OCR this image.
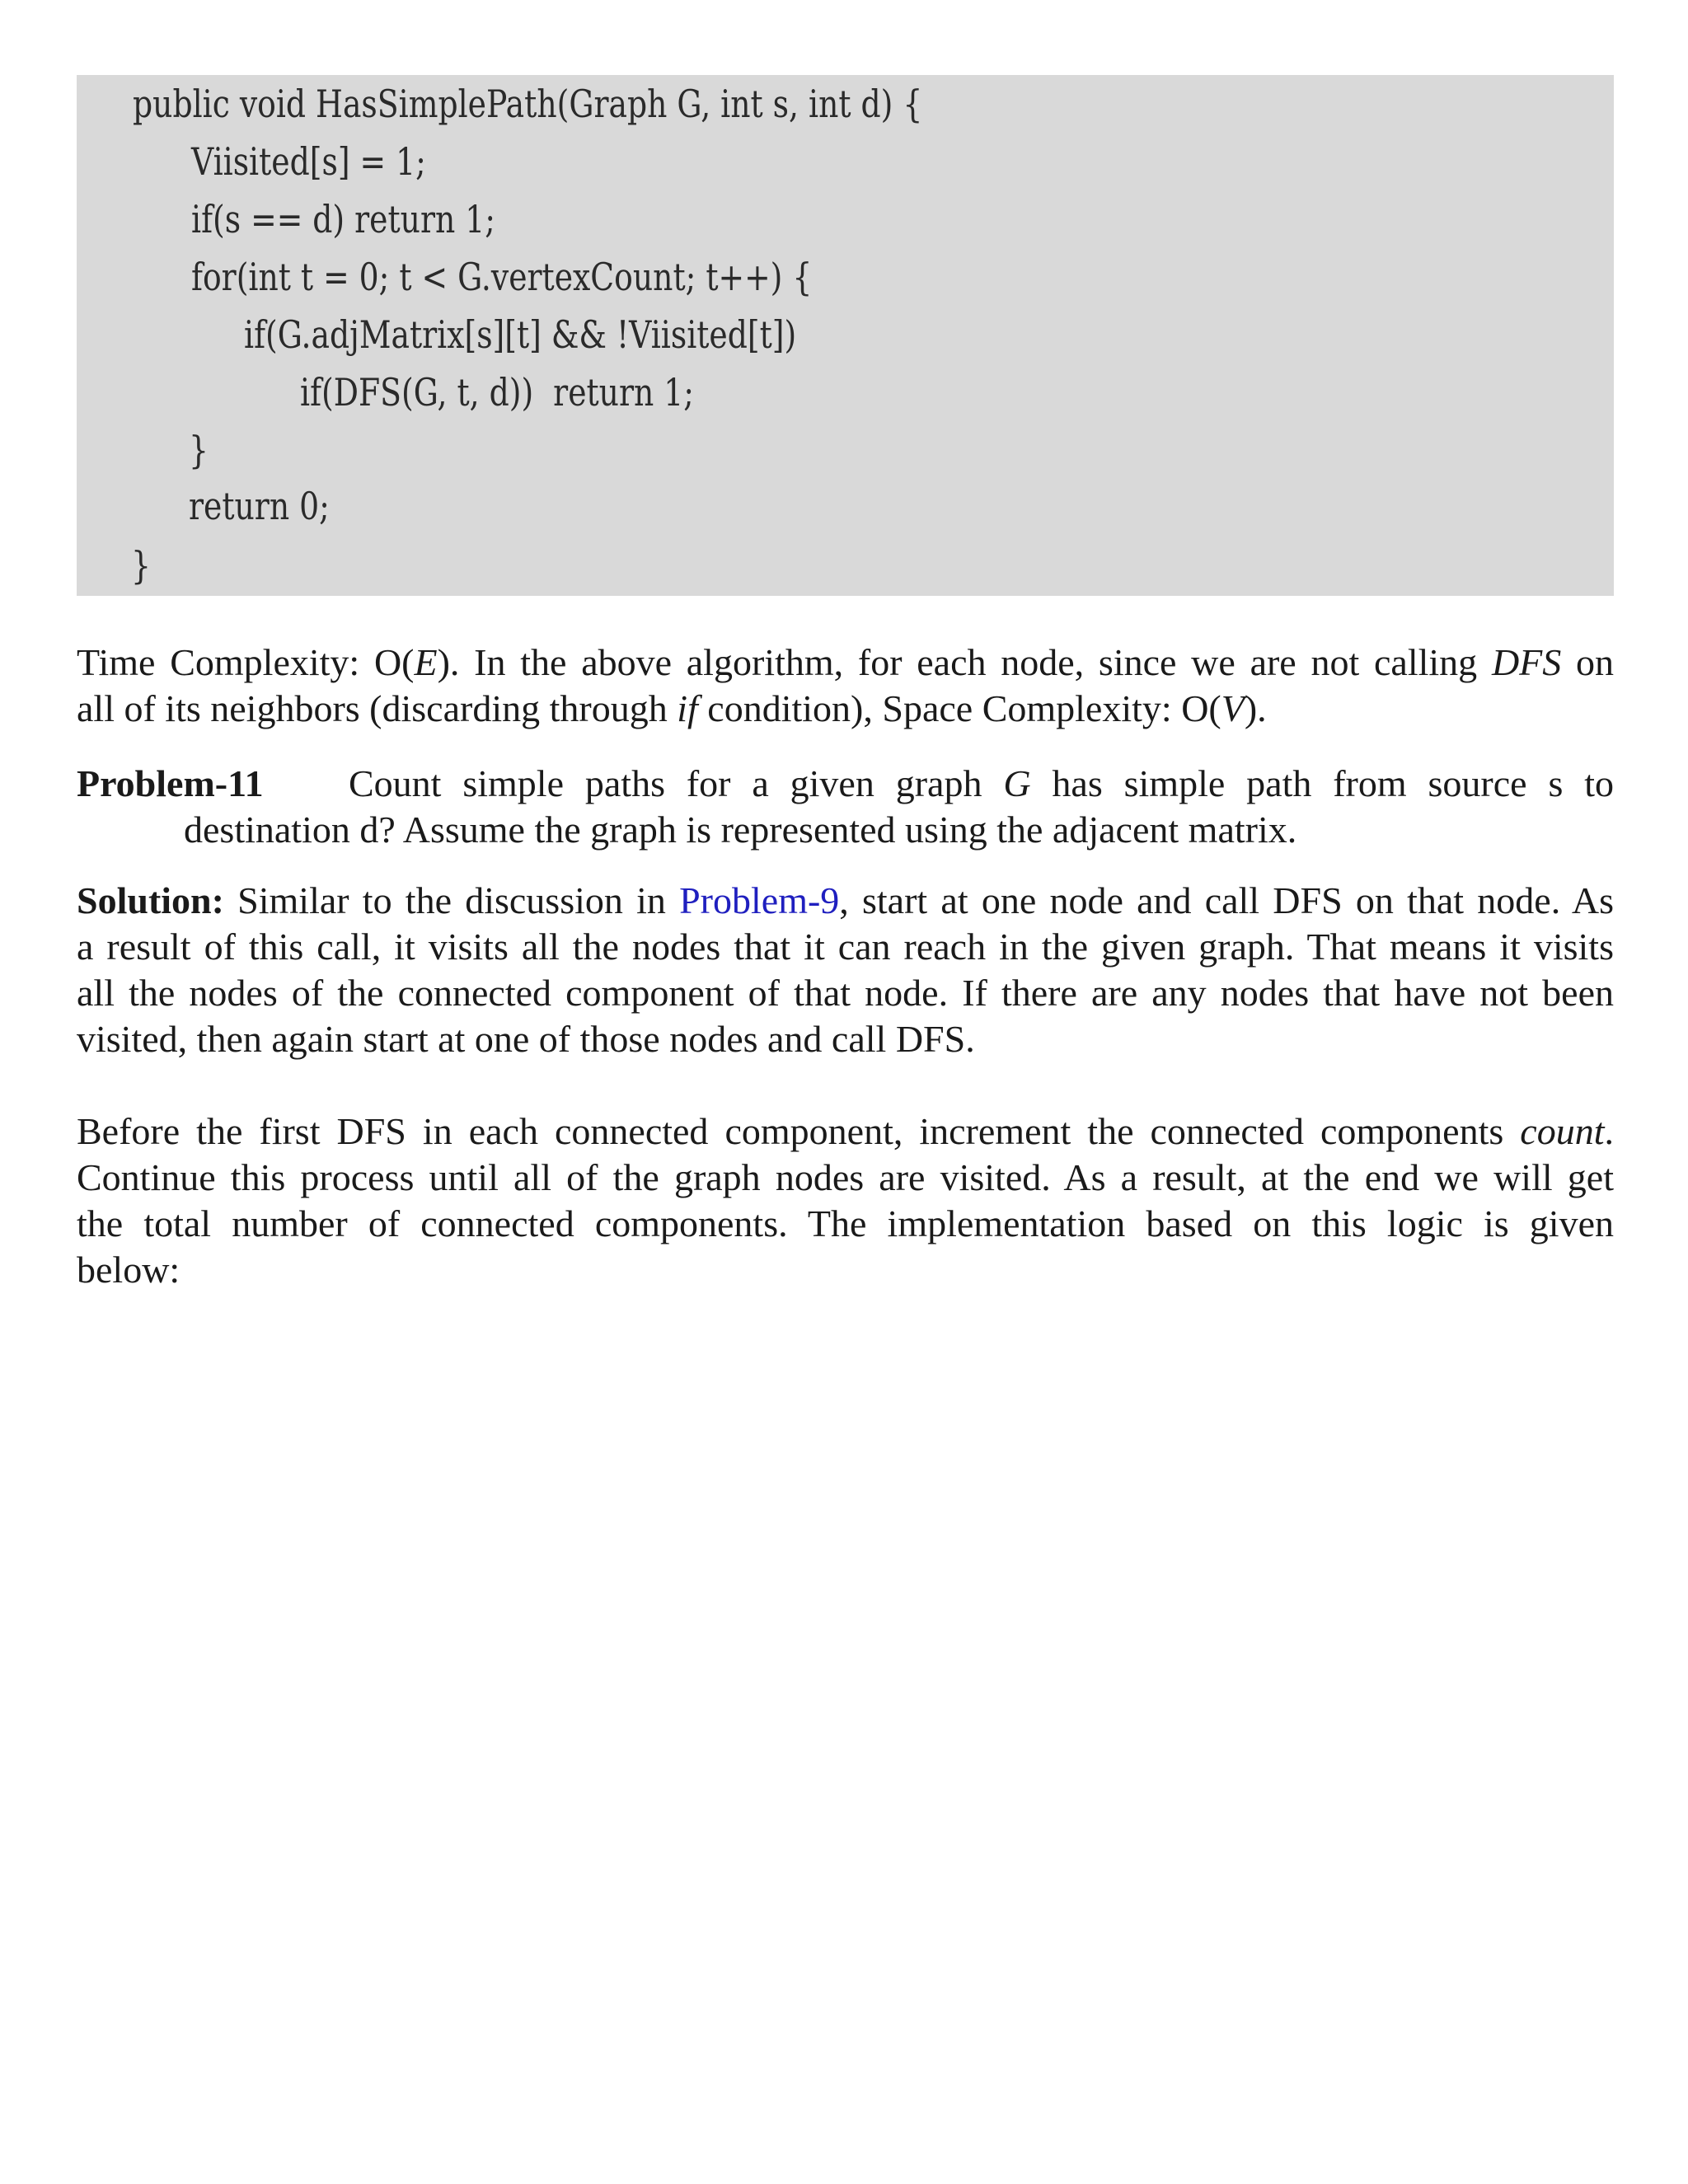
public void HasSimplePath(Graph G, int s, int d) {
Viisited[s] = 1;
if(s == d) return 1;
for(int t = 0; t < G.vertexCount; t++) {
if(G.adjMatrix[s][t] && !Viisited[t])
if(DFS(G, t, d))  return 1;
}
return 0;
}
Time Complexity: O(E). In the above algorithm, for each node, since we are not calling DFS on
all of its neighbors (discarding through if condition), Space Complexity: O(V).
Problem-11	Count simple paths for a given graph G has simple path from source s to
destination d? Assume the graph is represented using the adjacent matrix.
Solution: Similar to the discussion in Problem-9, start at one node and call DFS on that node. As
a result of this call, it visits all the nodes that it can reach in the given graph. That means it visits
all the nodes of the connected component of that node. If there are any nodes that have not been
visited, then again start at one of those nodes and call DFS.
Before the first DFS in each connected component, increment the connected components count.
Continue this process until all of the graph nodes are visited. As a result, at the end we will get
the total number of connected components. The implementation based on this logic is given
below:
